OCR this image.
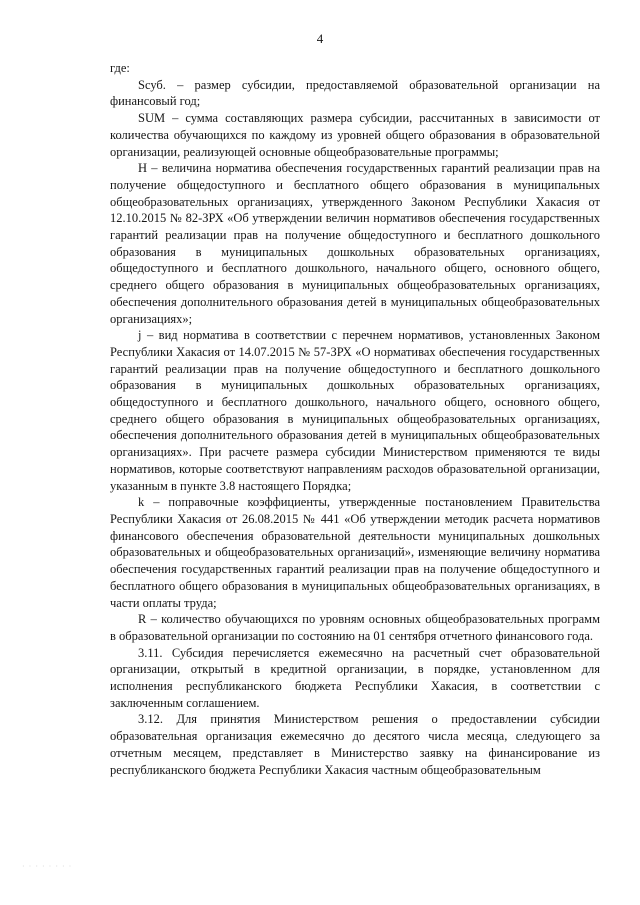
4

где:

Sсуб. – размер субсидии, предоставляемой образовательной организации на финансовый год;

SUM – сумма составляющих размера субсидии, рассчитанных в зависимости от количества обучающихся по каждому из уровней общего образования в образовательной организации, реализующей основные общеобразовательные программы;

Н – величина норматива обеспечения государственных гарантий реализации прав на получение общедоступного и бесплатного общего образования в муниципальных общеобразовательных организациях, утвержденного Законом Республики Хакасия от 12.10.2015 № 82-ЗРХ «Об утверждении величин нормативов обеспечения государственных гарантий реализации прав на получение общедоступного и бесплатного дошкольного образования в муниципальных дошкольных образовательных организациях, общедоступного и бесплатного дошкольного, начального общего, основного общего, среднего общего образования в муниципальных общеобразовательных организациях, обеспечения дополнительного образования детей в муниципальных общеобразовательных организациях»;

j – вид норматива в соответствии с перечнем нормативов, установленных Законом Республики Хакасия от 14.07.2015 № 57-ЗРХ «О нормативах обеспечения государственных гарантий реализации прав на получение общедоступного и бесплатного дошкольного образования в муниципальных дошкольных образовательных организациях, общедоступного и бесплатного дошкольного, начального общего, основного общего, среднего общего образования в муниципальных общеобразовательных организациях, обеспечения дополнительного образования детей в муниципальных общеобразовательных организациях». При расчете размера субсидии Министерством применяются те виды нормативов, которые соответствуют направлениям расходов образовательной организации, указанным в пункте 3.8 настоящего Порядка;

k – поправочные коэффициенты, утвержденные постановлением Правительства Республики Хакасия от 26.08.2015 № 441 «Об утверждении методик расчета нормативов финансового обеспечения образовательной деятельности муниципальных дошкольных образовательных и общеобразовательных организаций», изменяющие величину норматива обеспечения государственных гарантий реализации прав на получение общедоступного и бесплатного общего образования в муниципальных общеобразовательных организациях, в части оплаты труда;

R – количество обучающихся по уровням основных общеобразовательных программ в образовательной организации по состоянию на 01 сентября отчетного финансового года.

3.11. Субсидия перечисляется ежемесячно на расчетный счет образовательной организации, открытый в кредитной организации, в порядке, установленном для исполнения республиканского бюджета Республики Хакасия, в соответствии с заключенным соглашением.

3.12. Для принятия Министерством решения о предоставлении субсидии образовательная организация ежемесячно до десятого числа месяца, следующего за отчетным месяцем, представляет в Министерство заявку на финансирование из республиканского бюджета Республики Хакасия частным общеобразовательным

· · · · · · · ·
